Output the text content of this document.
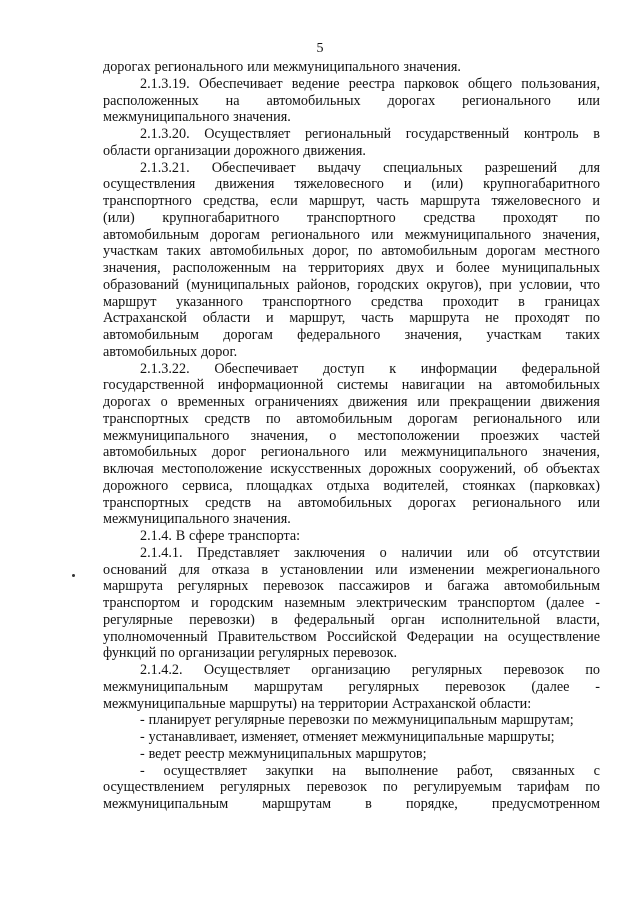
5
дорогах регионального или межмуниципального значения.
2.1.3.19. Обеспечивает ведение реестра парковок общего пользования,
расположенных на автомобильных дорогах регионального или
межмуниципального значения.
2.1.3.20. Осуществляет региональный государственный контроль в
области организации дорожного движения.
2.1.3.21. Обеспечивает выдачу специальных разрешений для
осуществления движения тяжеловесного и (или) крупногабаритного
транспортного средства, если маршрут, часть маршрута тяжеловесного и
(или) крупногабаритного транспортного средства проходят по
автомобильным дорогам регионального или межмуниципального значения,
участкам таких автомобильных дорог, по автомобильным дорогам местного
значения, расположенным на территориях двух и более муниципальных
образований (муниципальных районов, городских округов), при условии, что
маршрут указанного транспортного средства проходит в границах
Астраханской области и маршрут, часть маршрута не проходят по
автомобильным дорогам федерального значения, участкам таких
автомобильных дорог.
2.1.3.22. Обеспечивает доступ к информации федеральной
государственной информационной системы навигации на автомобильных
дорогах о временных ограничениях движения или прекращении движения
транспортных средств по автомобильным дорогам регионального или
межмуниципального значения, о местоположении проезжих частей
автомобильных дорог регионального или межмуниципального значения,
включая местоположение искусственных дорожных сооружений, об объектах
дорожного сервиса, площадках отдыха водителей, стоянках (парковках)
транспортных средств на автомобильных дорогах регионального или
межмуниципального значения.
2.1.4. В сфере транспорта:
2.1.4.1. Представляет заключения о наличии или об отсутствии
оснований для отказа в установлении или изменении межрегионального
маршрута регулярных перевозок пассажиров и багажа автомобильным
транспортом и городским наземным электрическим транспортом (далее -
регулярные перевозки) в федеральный орган исполнительной власти,
уполномоченный Правительством Российской Федерации на осуществление
функций по организации регулярных перевозок.
2.1.4.2. Осуществляет организацию регулярных перевозок по
межмуниципальным маршрутам регулярных перевозок (далее -
межмуниципальные маршруты) на территории Астраханской области:
- планирует регулярные перевозки по межмуниципальным маршрутам;
- устанавливает, изменяет, отменяет межмуниципальные маршруты;
- ведет реестр межмуниципальных маршрутов;
- осуществляет закупки на выполнение работ, связанных с
осуществлением регулярных перевозок по регулируемым тарифам по
межмуниципальным маршрутам в порядке, предусмотренном
